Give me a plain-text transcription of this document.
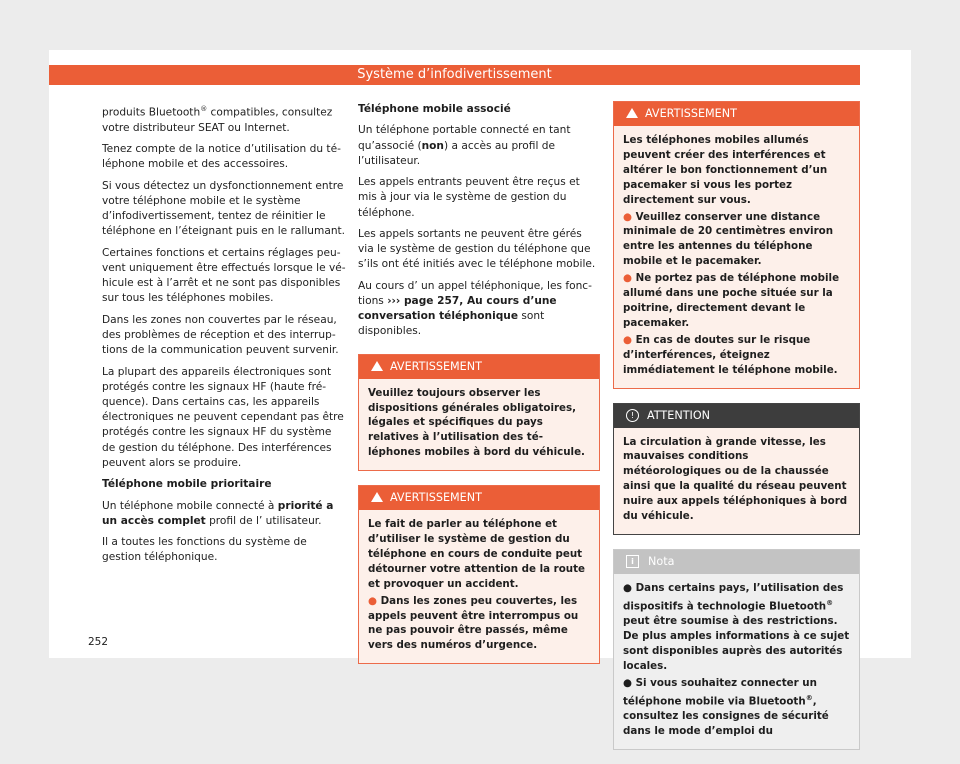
Système d’infodivertissement

produits Bluetooth® compatibles, consultez votre distributeur SEAT ou Internet.

Tenez compte de la notice d’utilisation du téléphone mobile et des accessoires.

Si vous détectez un dysfonctionnement entre votre téléphone mobile et le système d’infodivertissement, tentez de réinitier le téléphone en l’éteignant puis en le rallumant.

Certaines fonctions et certains réglages peuvent uniquement être effectués lorsque le véhicule est à l’arrêt et ne sont pas disponibles sur tous les téléphones mobiles.

Dans les zones non couvertes par le réseau, des problèmes de réception et des interruptions de la communication peuvent survenir.

La plupart des appareils électroniques sont protégés contre les signaux HF (haute fréquence). Dans certains cas, les appareils électroniques ne peuvent cependant pas être protégés contre les signaux HF du système de gestion du téléphone. Des interférences peuvent alors se produire.

Téléphone mobile prioritaire

Un téléphone mobile connecté à priorité a un accès complet profil de l’ utilisateur.

Il a toutes les fonctions du système de gestion téléphonique.

Téléphone mobile associé

Un téléphone portable connecté en tant qu’associé (non) a accès au profil de l’utilisateur.

Les appels entrants peuvent être reçus et mis à jour via le système de gestion du téléphone.

Les appels sortants ne peuvent être gérés via le système de gestion du téléphone que s’ils ont été initiés avec le téléphone mobile.

Au cours d’ un appel téléphonique, les fonctions ››› page 257, Au cours d’une conversation téléphonique sont disponibles.

AVERTISSEMENT

Veuillez toujours observer les dispositions générales obligatoires, légales et spécifiques du pays relatives à l’utilisation des téléphones mobiles à bord du véhicule.

AVERTISSEMENT

Le fait de parler au téléphone et d’utiliser le système de gestion du téléphone en cours de conduite peut détourner votre attention de la route et provoquer un accident.

● Dans les zones peu couvertes, les appels peuvent être interrompus ou ne pas pouvoir être passés, même vers des numéros d’urgence.

AVERTISSEMENT

Les téléphones mobiles allumés peuvent créer des interférences et altérer le bon fonctionnement d’un pacemaker si vous les portez directement sur vous.

● Veuillez conserver une distance minimale de 20 centimètres environ entre les antennes du téléphone mobile et le pacemaker.

● Ne portez pas de téléphone mobile allumé dans une poche située sur la poitrine, directement devant le pacemaker.

● En cas de doutes sur le risque d’interférences, éteignez immédiatement le téléphone mobile.

! ATTENTION

La circulation à grande vitesse, les mauvaises conditions météorologiques ou de la chaussée ainsi que la qualité du réseau peuvent nuire aux appels téléphoniques à bord du véhicule.

i Nota

● Dans certains pays, l’utilisation des dispositifs à technologie Bluetooth® peut être soumise à des restrictions. De plus amples informations à ce sujet sont disponibles auprès des autorités locales.

● Si vous souhaitez connecter un téléphone mobile via Bluetooth®, consultez les consignes de sécurité dans le mode d’emploi du

252
